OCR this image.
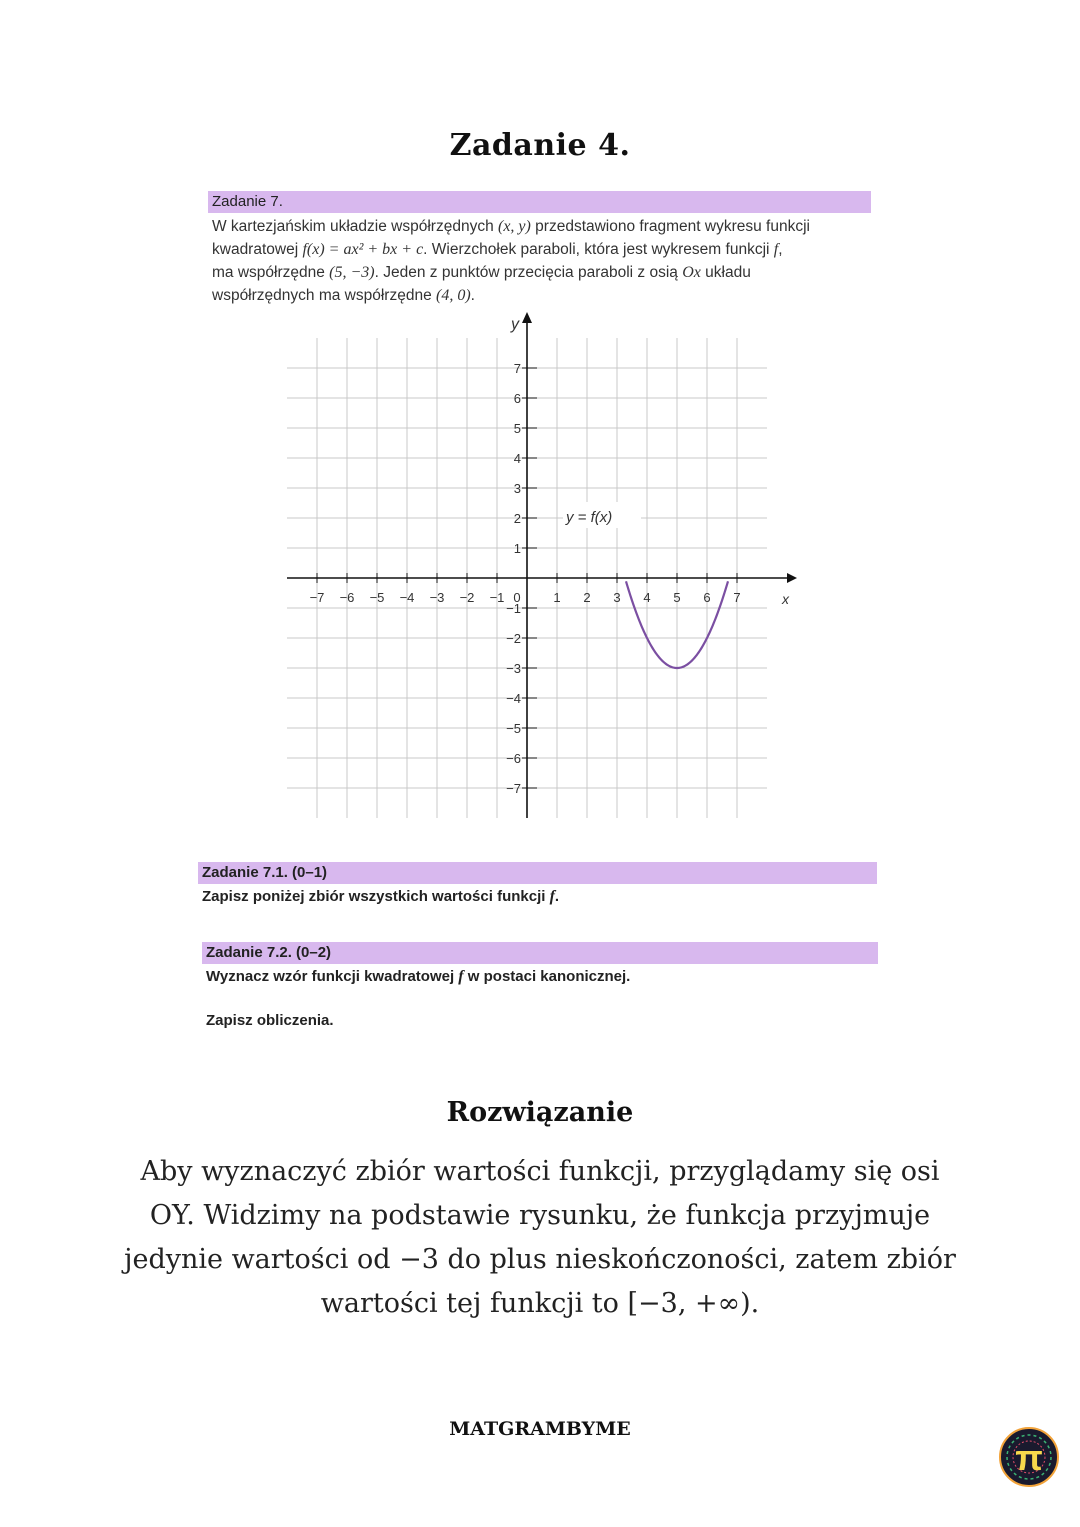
Zadanie 4.
Zadanie 7.
W kartezjańskim układzie współrzędnych (x, y) przedstawiono fragment wykresu funkcji
kwadratowej f(x) = ax² + bx + c. Wierzchołek paraboli, która jest wykresem funkcji f,
ma współrzędne (5, −3). Jeden z punktów przecięcia paraboli z osią Ox układu
współrzędnych ma współrzędne (4, 0).
−7 −6 −5 −4 −3 −2 −1 0	1 2 3 4 5 6 7
7
6
5
4
3
2
1
−1
−2
−3
−4
−5
−6
−7
x
y
y = f(x)
Zadanie 7.1. (0–1)
Zapisz poniżej zbiór wszystkich wartości funkcji f.
Zadanie 7.2. (0–2)
Wyznacz wzór funkcji kwadratowej f w postaci kanonicznej.
Zapisz obliczenia.
Rozwiązanie
Aby wyznaczyć zbiór wartości funkcji, przyglądamy się osi OY. Widzimy na podstawie rysunku, że funkcja przyjmuje jedynie wartości od −3 do plus nieskończoności, zatem zbiór wartości tej funkcji to [−3, +∞).
MATGRAMBYME
π
